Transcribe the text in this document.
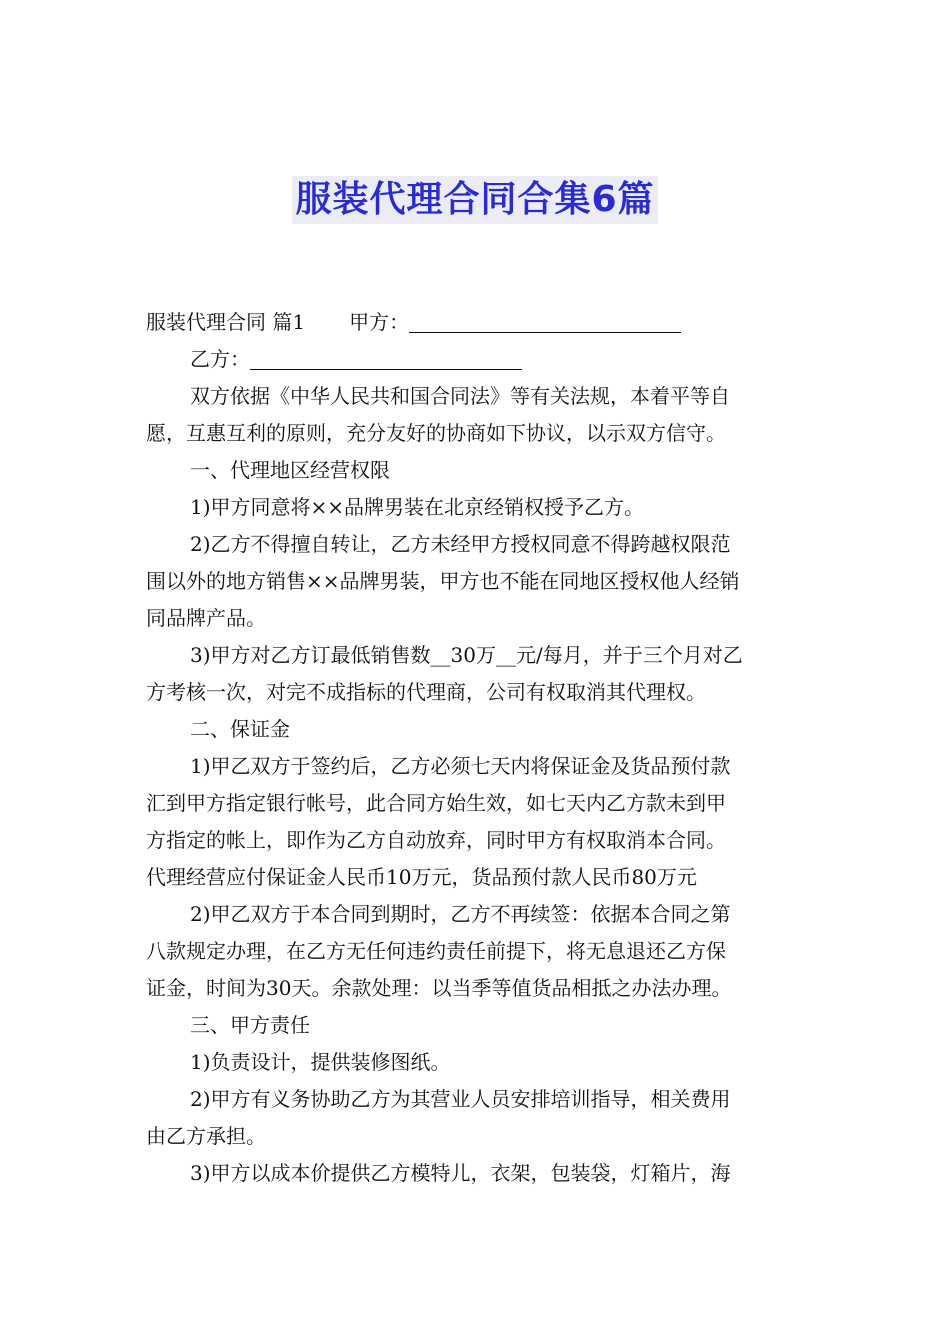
服装代理合同合集6篇

服装代理合同 篇1 甲方：

乙方：

双方依据《中华人民共和国合同法》等有关法规，本着平等自

愿，互惠互利的原则，充分友好的协商如下协议，以示双方信守。

一、代理地区经营权限

1)甲方同意将××品牌男装在北京经销权授予乙方。

2)乙方不得擅自转让，乙方未经甲方授权同意不得跨越权限范

围以外的地方销售××品牌男装，甲方也不能在同地区授权他人经销

同品牌产品。

3)甲方对乙方订最低销售数__30万__元/每月，并于三个月对乙

方考核一次，对完不成指标的代理商，公司有权取消其代理权。

二、保证金

1)甲乙双方于签约后，乙方必须七天内将保证金及货品预付款

汇到甲方指定银行帐号，此合同方始生效，如七天内乙方款未到甲

方指定的帐上，即作为乙方自动放弃，同时甲方有权取消本合同。

代理经营应付保证金人民币10万元，货品预付款人民币80万元

2)甲乙双方于本合同到期时，乙方不再续签：依据本合同之第

八款规定办理，在乙方无任何违约责任前提下，将无息退还乙方保

证金，时间为30天。余款处理：以当季等值货品相抵之办法办理。

三、甲方责任

1)负责设计，提供装修图纸。

2)甲方有义务协助乙方为其营业人员安排培训指导，相关费用

由乙方承担。

3)甲方以成本价提供乙方模特儿，衣架，包装袋，灯箱片，海
